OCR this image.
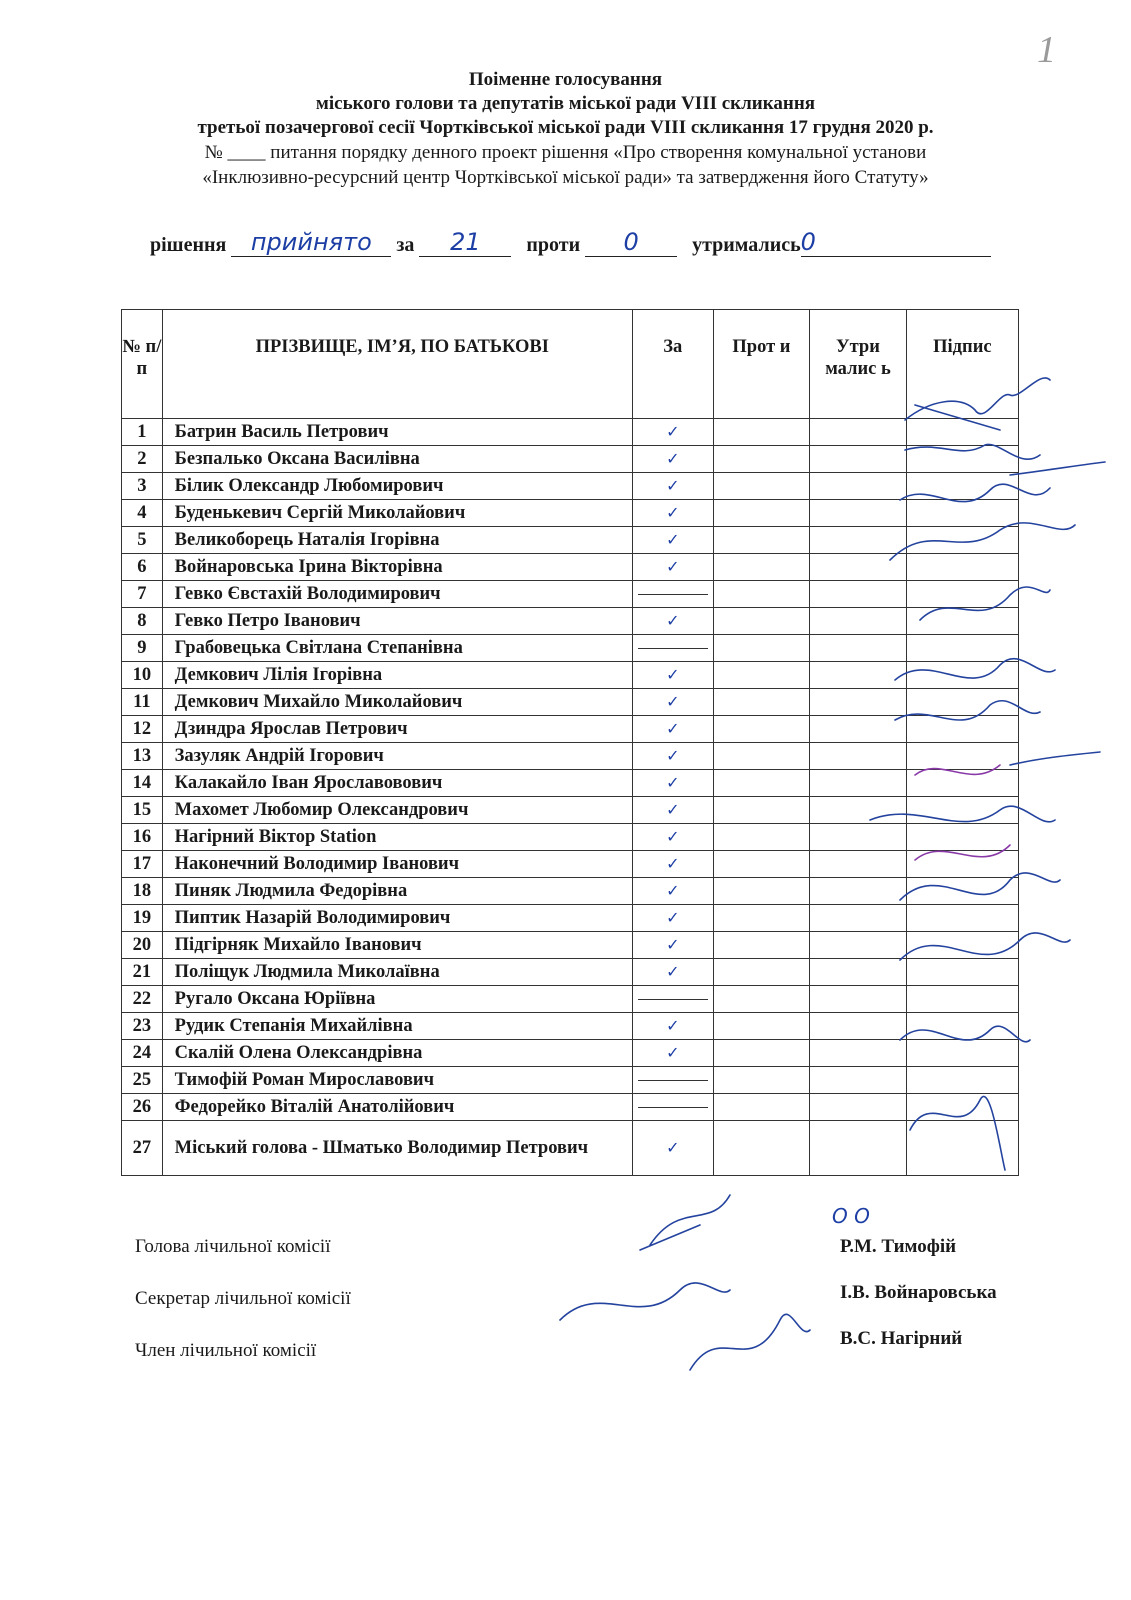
1
Поіменне голосування
міського голови та депутатів міської ради VIII скликання
третьої позачергової сесії Чортківської міської ради VIII скликання 17 грудня 2020 р.
№ ____ питання порядку денного проект рішення «Про створення комунальної установи
«Інклюзивно-ресурсний центр Чортківської міської ради» та затвердження його Статуту»
рішення прийнято за 21 проти 0	утримались0
№ п/п	ПРІЗВИЩЕ, ІМ’Я, ПО БАТЬКОВІ	За	Прот и	Утри малис ь	Підпис
1	Батрин Василь Петрович	✓			
2	Безпалько Оксана Василівна	✓			
3	Білик Олександр Любомирович	✓			
4	Буденькевич Сергій Миколайович	✓			
5	Великоборець Наталія Ігорівна	✓			
6	Войнаровська Ірина Вікторівна	✓			
7	Гевко Євстахій Володимирович				
8	Гевко Петро Іванович	✓			
9	Грабовецька Світлана Степанівна				
10	Демкович Лілія Ігорівна	✓			
11	Демкович Михайло Миколайович	✓			
12	Дзиндра Ярослав Петрович	✓			
13	Зазуляк Андрій Ігорович	✓			
14	Калакайло Іван Ярославовович	✓			
15	Махомет Любомир Олександрович	✓			
16	Нагірний Віктор Station	✓			
17	Наконечний Володимир Іванович	✓			
18	Пиняк Людмила Федорівна	✓			
19	Пиптик Назарій Володимирович	✓			
20	Підгірняк Михайло Іванович	✓			
21	Поліщук Людмила Миколаївна	✓			
22	Ругало Оксана Юріївна				
23	Рудик Степанія Михайлівна	✓			
24	Скалій Олена Олександрівна	✓			
25	Тимофій Роман Мирославович				
26	Федорейко Віталій Анатолійович				
27	Міський голова - Шматько Володимир Петрович	✓			
О О
Голова лічильної комісії
Секретар лічильної комісії
Член лічильної комісії
Р.М. Тимофій
І.В. Войнаровська
В.С. Нагірний
